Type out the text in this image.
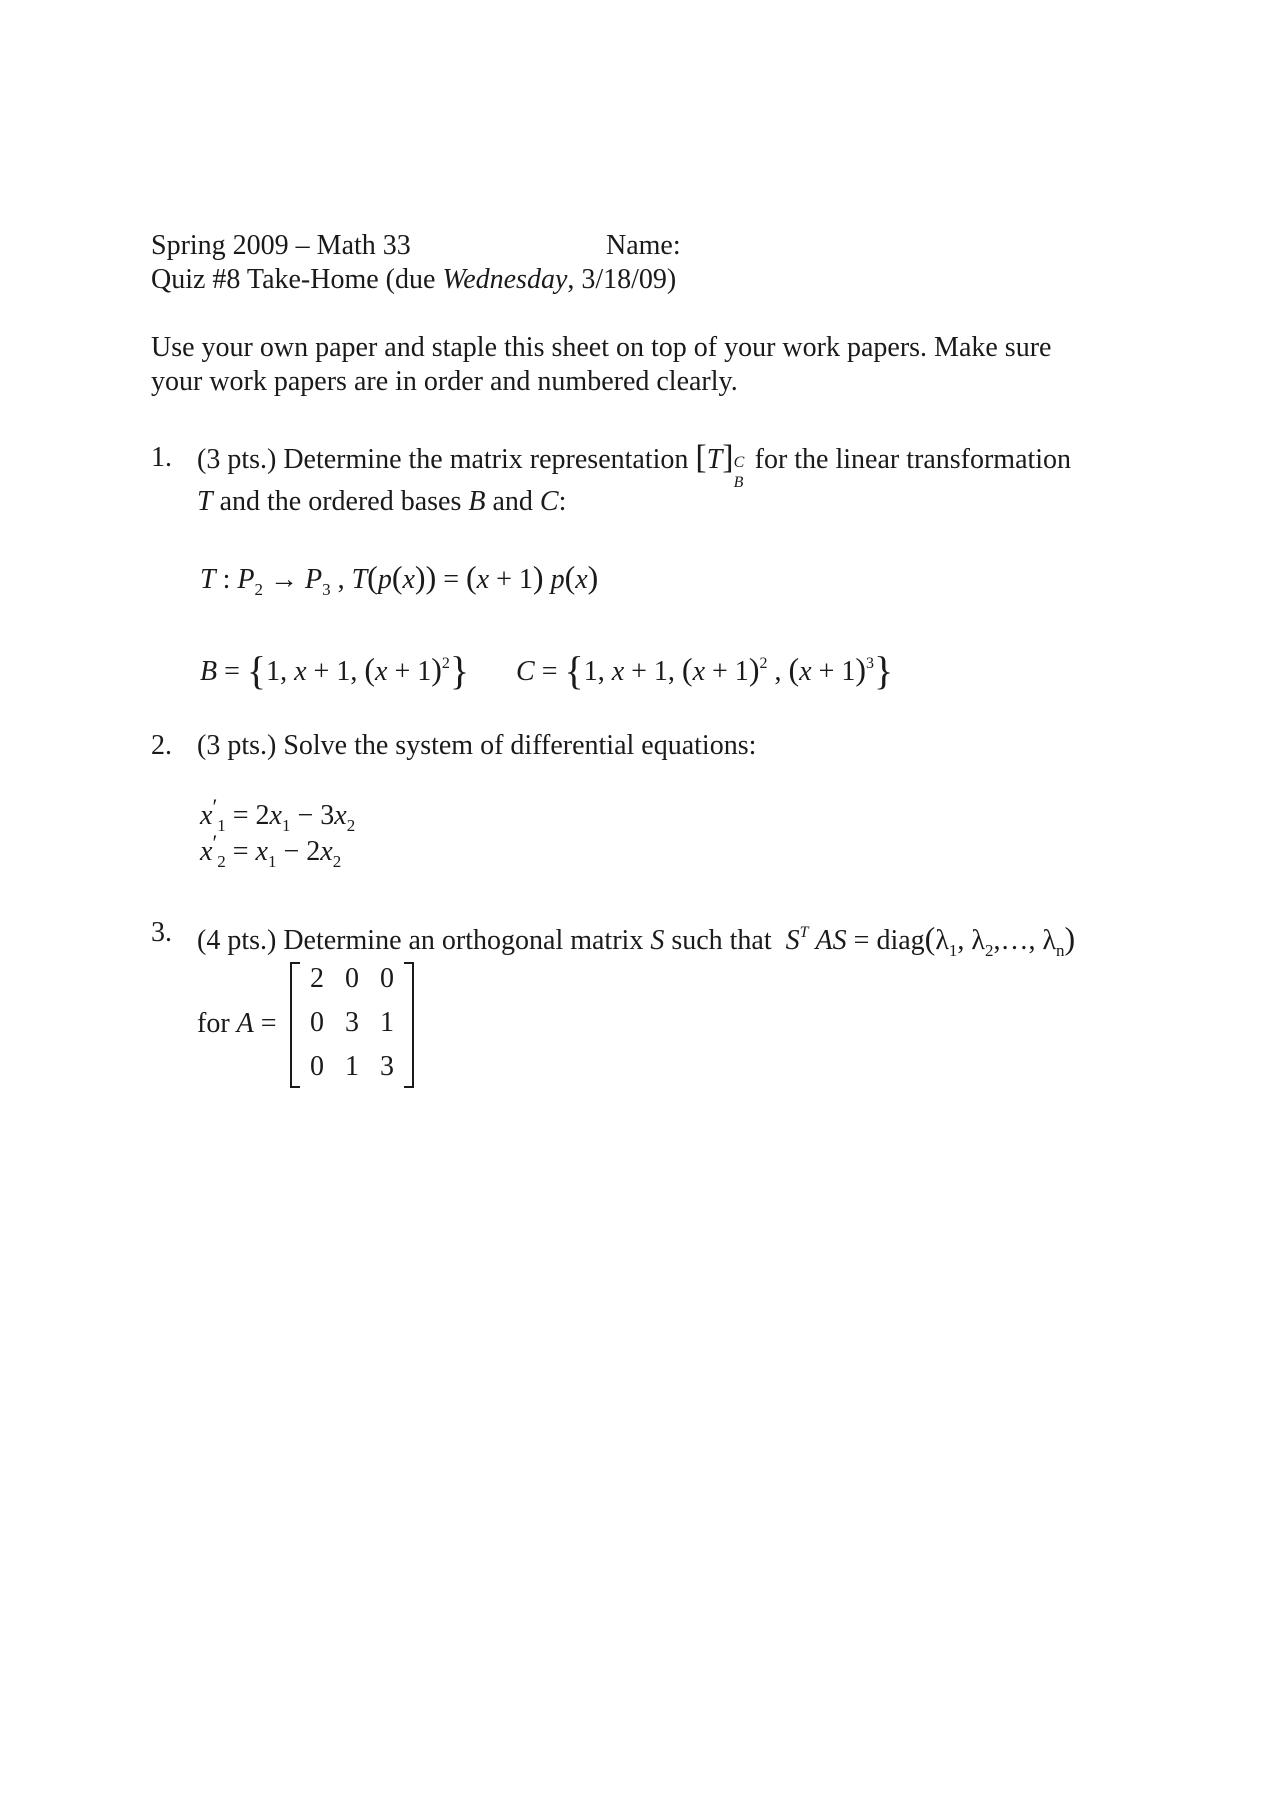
Spring 2009 – Math 33	Name:
Quiz #8 Take-Home (due Wednesday, 3/18/09)
Use your own paper and staple this sheet on top of your work papers. Make sure
your work papers are in order and numbered clearly.
1. (3 pts.) Determine the matrix representation [T] C
B
for the linear transformation
T and the ordered bases B and C:
T : $P_2 \to P_3$ , T(p(x)) = (x + 1) p(x)
B = {1, x + 1, $(x + 1)^2$} C = {1, x + 1, $(x + 1)^2$ , $(x + 1)^3$}
2. (3 pts.) Solve the system of differential equations:
$x'_1 = 2x_1 - 3x_2$
$x'_2 = x_1 - 2x_2$
3. (4 pts.) Determine an orthogonal matrix S such that $S^T$ AS = $diag(\lambda_1$, $\lambda_2,\dots$, $\lambda_n$)
for A =
2 0 0
0 3 1
0 1 3
